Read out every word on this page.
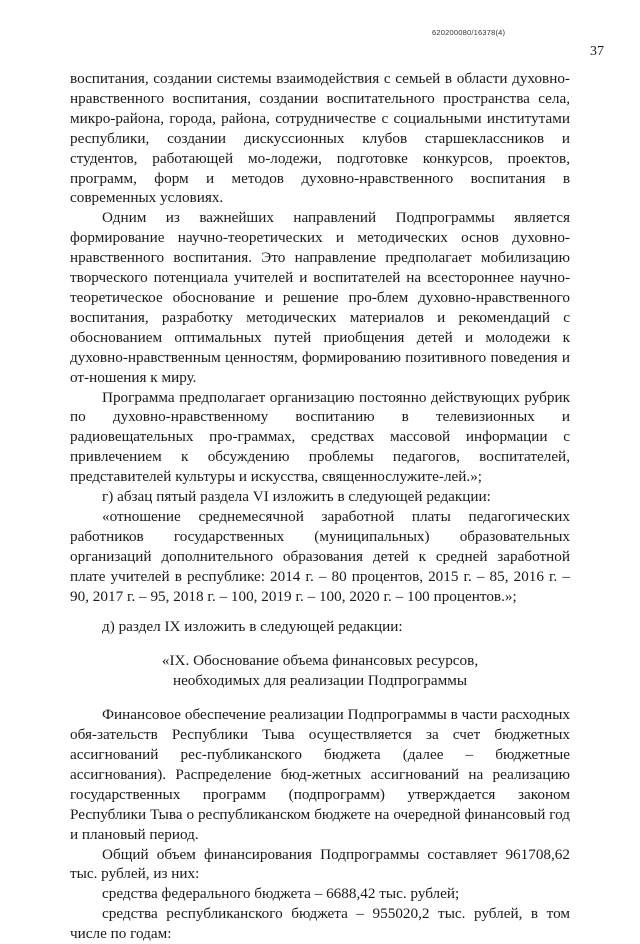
620200080/16378(4)
37

воспитания, создании системы взаимодействия с семьей в области духовно-нравственного воспитания, создании воспитательного пространства села, микро-района, города, района, сотрудничестве с социальными институтами республики, создании дискуссионных клубов старшеклассников и студентов, работающей мо-лодежи, подготовке конкурсов, проектов, программ, форм и методов духовно-нравственного воспитания в современных условиях.

Одним из важнейших направлений Подпрограммы является формирование научно-теоретических и методических основ духовно-нравственного воспитания. Это направление предполагает мобилизацию творческого потенциала учителей и воспитателей на всестороннее научно-теоретическое обоснование и решение про-блем духовно-нравственного воспитания, разработку методических материалов и рекомендаций с обоснованием оптимальных путей приобщения детей и молодежи к духовно-нравственным ценностям, формированию позитивного поведения и от-ношения к миру.

Программа предполагает организацию постоянно действующих рубрик по духовно-нравственному воспитанию в телевизионных и радиовещательных про-граммах, средствах массовой информации с привлечением к обсуждению проблемы педагогов, воспитателей, представителей культуры и искусства, священнослужите-лей.»;

г) абзац пятый раздела VI изложить в следующей редакции:

«отношение среднемесячной заработной платы педагогических работников государственных (муниципальных) образовательных организаций дополнительного образования детей к средней заработной плате учителей в республике: 2014 г. – 80 процентов, 2015 г. – 85, 2016 г. – 90, 2017 г. – 95, 2018 г. – 100, 2019 г. – 100, 2020 г. – 100 процентов.»;

д) раздел IX изложить в следующей редакции:

«IX. Обоснование объема финансовых ресурсов,
необходимых для реализации Подпрограммы

Финансовое обеспечение реализации Подпрограммы в части расходных обя-зательств Республики Тыва осуществляется за счет бюджетных ассигнований рес-публиканского бюджета (далее – бюджетные ассигнования). Распределение бюд-жетных ассигнований на реализацию государственных программ (подпрограмм) утверждается законом Республики Тыва о республиканском бюджете на очередной финансовый год и плановый период.

Общий объем финансирования Подпрограммы составляет 961708,62 тыс. рублей, из них:

средства федерального бюджета – 6688,42 тыс. рублей;

средства республиканского бюджета – 955020,2 тыс. рублей, в том числе по годам:
